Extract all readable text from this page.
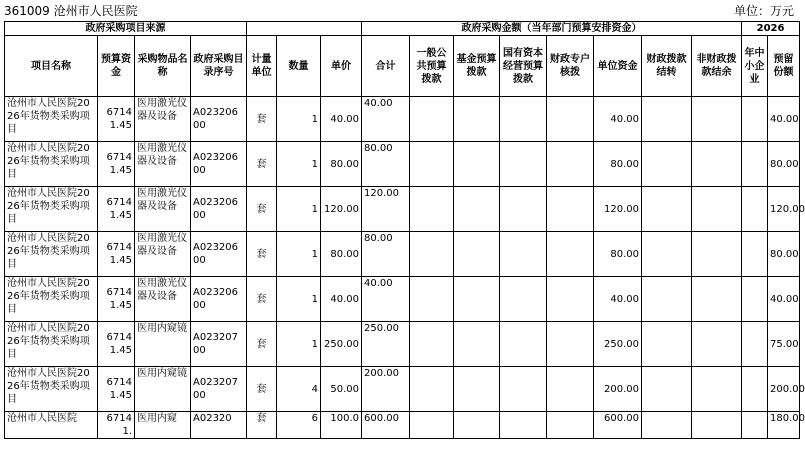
361009 沧州市人民医院	单位：万元
政府采购项目来源							政府采购金额（当年部门预算安排资金）								2026	
项目名称	预算资金	采购物品名称	政府采购目录序号	计量单位	数量	单价	合计	一般公共预算拨款	基金预算拨款	国有资本经营预算拨款	财政专户核拨	单位资金	财政拨款结转	非财政拨款结余	年中小企业	预留份额
沧州市人民医院2026年货物类采购项目	67141.45	医用激光仪器及设备	A02320600	套	1	40.00	40.00					40.00				40.00
沧州市人民医院2026年货物类采购项目	67141.45	医用激光仪器及设备	A02320600	套	1	80.00	80.00					80.00				80.00
沧州市人民医院2026年货物类采购项目	67141.45	医用激光仪器及设备	A02320600	套	1	120.00	120.00					120.00				120.00
沧州市人民医院2026年货物类采购项目	67141.45	医用激光仪器及设备	A02320600	套	1	80.00	80.00					80.00				80.00
沧州市人民医院2026年货物类采购项目	67141.45	医用激光仪器及设备	A02320600	套	1	40.00	40.00					40.00				40.00
沧州市人民医院2026年货物类采购项目	67141.45	医用内窥镜	A02320700	套	1	250.00	250.00					250.00				75.00
沧州市人民医院2026年货物类采购项目	67141.45	医用内窥镜	A02320700	套	4	50.00	200.00					200.00				200.00
沧州市人民医院	67141.	医用内窥	A02320	套	6	100.0	600.00					600.00				180.00
